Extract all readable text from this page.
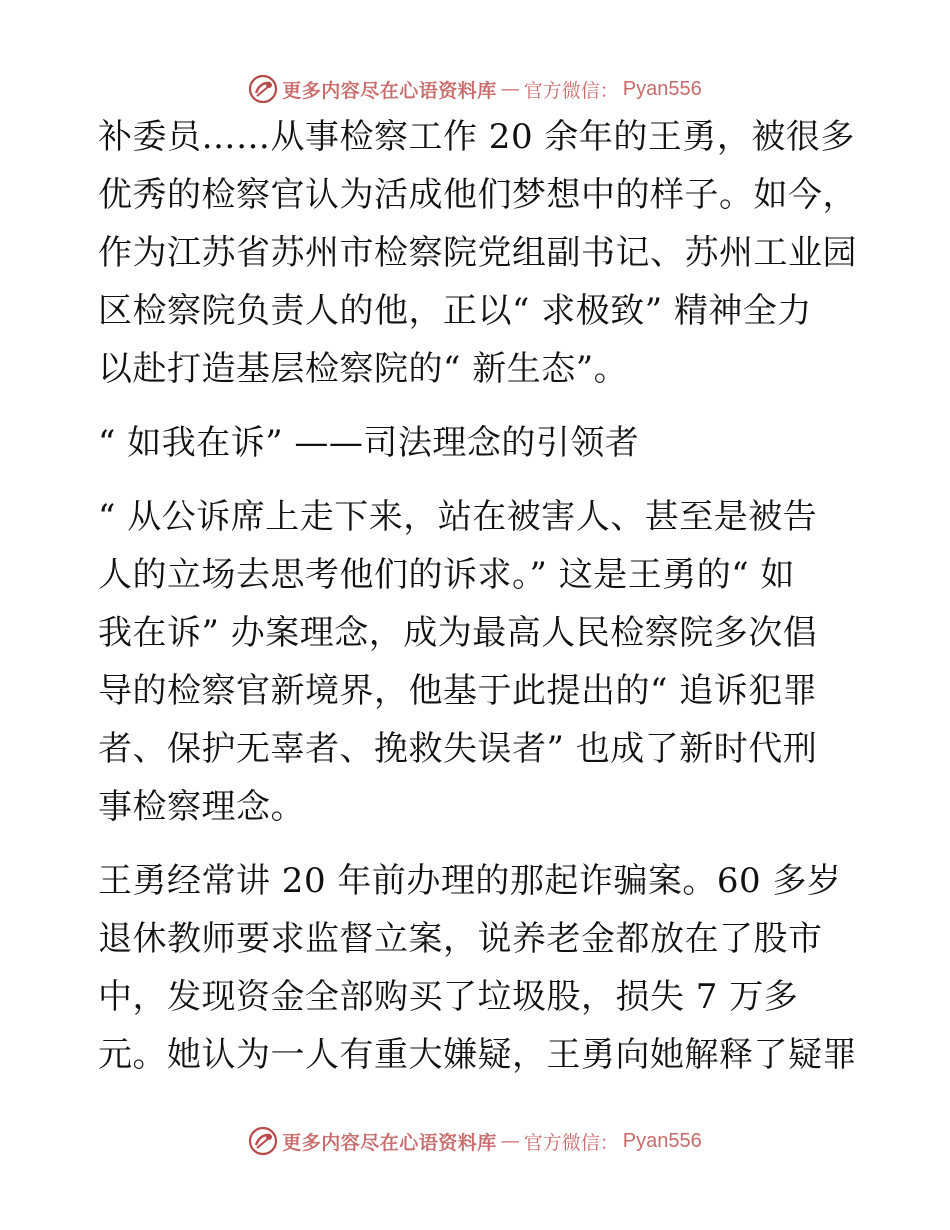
更多内容尽在心语资料库 — 官方微信： Pyan556
补委员……从事检察工作 20 余年的王勇，被很多
优秀的检察官认为活成他们梦想中的样子。如今，
作为江苏省苏州市检察院党组副书记、苏州工业园
区检察院负责人的他，正以“ 求极致” 精神全力
以赴打造基层检察院的“ 新生态”。
“ 如我在诉” ——司法理念的引领者
“ 从公诉席上走下来，站在被害人、甚至是被告
人的立场去思考他们的诉求。” 这是王勇的“ 如
我在诉” 办案理念，成为最高人民检察院多次倡
导的检察官新境界，他基于此提出的“ 追诉犯罪
者、保护无辜者、挽救失误者” 也成了新时代刑
事检察理念。
王勇经常讲 20 年前办理的那起诈骗案。60 多岁
退休教师要求监督立案，说养老金都放在了股市
中，发现资金全部购买了垃圾股，损失 7 万多
元。她认为一人有重大嫌疑，王勇向她解释了疑罪
更多内容尽在心语资料库 — 官方微信： Pyan556
